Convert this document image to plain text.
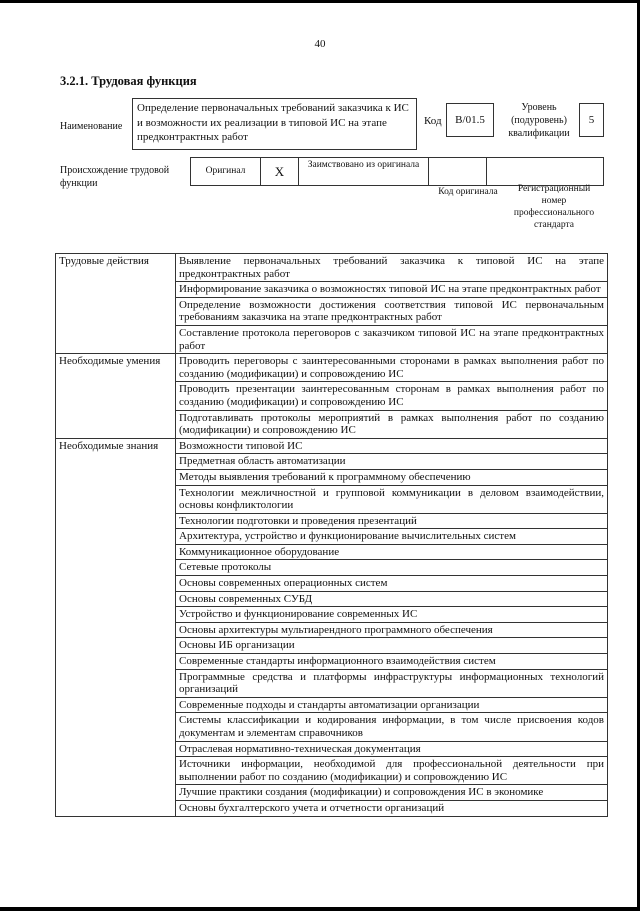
40
3.2.1. Трудовая функция
Наименование
Определение первоначальных требований заказчика к ИС и возможности их реализации в типовой ИС на этапе предконтрактных работ
Код B/01.5
Уровень (подуровень) квалификации
5
Происхождение трудовой функции
Оригинал X Заимствовано из оригинала
Код оригинала	Регистрационный номер профессионального стандарта
Трудовые действия	Выявление первоначальных требований заказчика к типовой ИС на этапе предконтрактных работ
	Информирование заказчика о возможностях типовой ИС на этапе предконтрактных работ
	Определение возможности достижения соответствия типовой ИС первоначальным требованиям заказчика на этапе предконтрактных работ
	Составление протокола переговоров с заказчиком типовой ИС на этапе предконтрактных работ
Необходимые умения	Проводить переговоры с заинтересованными сторонами в рамках выполнения работ по созданию (модификации) и сопровождению ИС
	Проводить презентации заинтересованным сторонам в рамках выполнения работ по созданию (модификации) и сопровождению ИС
	Подготавливать протоколы мероприятий в рамках выполнения работ по созданию (модификации) и сопровождению ИС
Необходимые знания	Возможности типовой ИС
	Предметная область автоматизации
	Методы выявления требований к программному обеспечению
	Технологии межличностной и групповой коммуникации в деловом взаимодействии, основы конфликтологии
	Технологии подготовки и проведения презентаций
	Архитектура, устройство и функционирование вычислительных систем
	Коммуникационное оборудование
	Сетевые протоколы
	Основы современных операционных систем
	Основы современных СУБД
	Устройство и функционирование современных ИС
	Основы архитектуры мультиарендного программного обеспечения
	Основы ИБ организации
	Современные стандарты информационного взаимодействия систем
	Программные средства и платформы инфраструктуры информационных технологий организаций
	Современные подходы и стандарты автоматизации организации
	Системы классификации и кодирования информации, в том числе присвоения кодов документам и элементам справочников
	Отраслевая нормативно-техническая документация
	Источники информации, необходимой для профессиональной деятельности при выполнении работ по созданию (модификации) и сопровождению ИС
	Лучшие практики создания (модификации) и сопровождения ИС в экономике
	Основы бухгалтерского учета и отчетности организаций
